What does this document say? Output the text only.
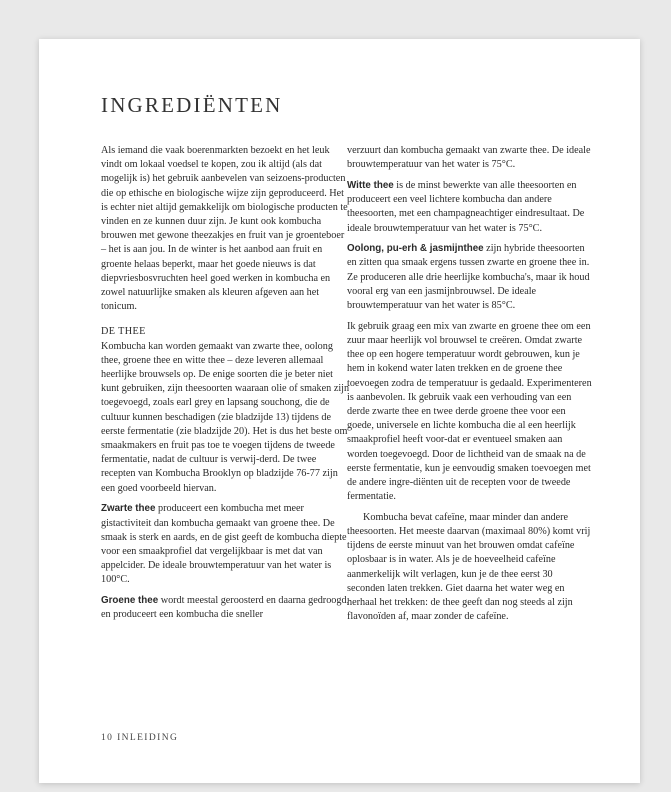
INGREDIËNTEN

Als iemand die vaak boerenmarkten bezoekt en het leuk vindt om lokaal voedsel te kopen, zou ik altijd (als dat mogelijk is) het gebruik aanbevelen van seizoens-producten die op ethische en biologische wijze zijn geproduceerd. Het is echter niet altijd gemakkelijk om biologische producten te vinden en ze kunnen duur zijn. Je kunt ook kombucha brouwen met gewone theezakjes en fruit van je groenteboer – het is aan jou. In de winter is het aanbod aan fruit en groente helaas beperkt, maar het goede nieuws is dat diepvriesbosvruchten heel goed werken in kombucha en zowel natuurlijke smaken als kleuren afgeven aan het tonicum.

DE THEE

Kombucha kan worden gemaakt van zwarte thee, oolong thee, groene thee en witte thee – deze leveren allemaal heerlijke brouwsels op. De enige soorten die je beter niet kunt gebruiken, zijn theesoorten waaraan olie of smaken zijn toegevoegd, zoals earl grey en lapsang souchong, die de cultuur kunnen beschadigen (zie bladzijde 13) tijdens de eerste fermentatie (zie bladzijde 20). Het is dus het beste om smaakmakers en fruit pas toe te voegen tijdens de tweede fermentatie, nadat de cultuur is verwij-derd. De twee recepten van Kombucha Brooklyn op bladzijde 76-77 zijn een goed voorbeeld hiervan.

Zwarte thee produceert een kombucha met meer gistactiviteit dan kombucha gemaakt van groene thee. De smaak is sterk en aards, en de gist geeft de kombucha diepte voor een smaakprofiel dat vergelijkbaar is met dat van appelcider. De ideale brouwtemperatuur van het water is 100°C.

Groene thee wordt meestal geroosterd en daarna gedroogd, en produceert een kombucha die sneller

verzuurt dan kombucha gemaakt van zwarte thee. De ideale brouwtemperatuur van het water is 75°C.

Witte thee is de minst bewerkte van alle theesoorten en produceert een veel lichtere kombucha dan andere theesoorten, met een champagneachtiger eindresultaat. De ideale brouwtemperatuur van het water is 75°C.

Oolong, pu-erh & jasmijnthee zijn hybride theesoorten en zitten qua smaak ergens tussen zwarte en groene thee in. Ze produceren alle drie heerlijke kombucha's, maar ik houd vooral erg van een jasmijnbrouwsel. De ideale brouwtemperatuur van het water is 85°C.

Ik gebruik graag een mix van zwarte en groene thee om een zuur maar heerlijk vol brouwsel te creëren. Omdat zwarte thee op een hogere temperatuur wordt gebrouwen, kun je hem in kokend water laten trekken en de groene thee toevoegen zodra de temperatuur is gedaald. Experimenteren is aanbevolen. Ik gebruik vaak een verhouding van een derde zwarte thee en twee derde groene thee voor een goede, universele en lichte kombucha die al een heerlijk smaakprofiel heeft voor-dat er eventueel smaken aan worden toegevoegd. Door de lichtheid van de smaak na de eerste fermentatie, kun je eenvoudig smaken toevoegen met de andere ingre-diënten uit de recepten voor de tweede fermentatie.

Kombucha bevat cafeïne, maar minder dan andere theesoorten. Het meeste daarvan (maximaal 80%) komt vrij tijdens de eerste minuut van het brouwen omdat cafeïne oplosbaar is in water. Als je de hoeveelheid cafeïne aanmerkelijk wilt verlagen, kun je de thee eerst 30 seconden laten trekken. Giet daarna het water weg en herhaal het trekken: de thee geeft dan nog steeds al zijn flavonoïden af, maar zonder de cafeïne.

10 INLEIDING
